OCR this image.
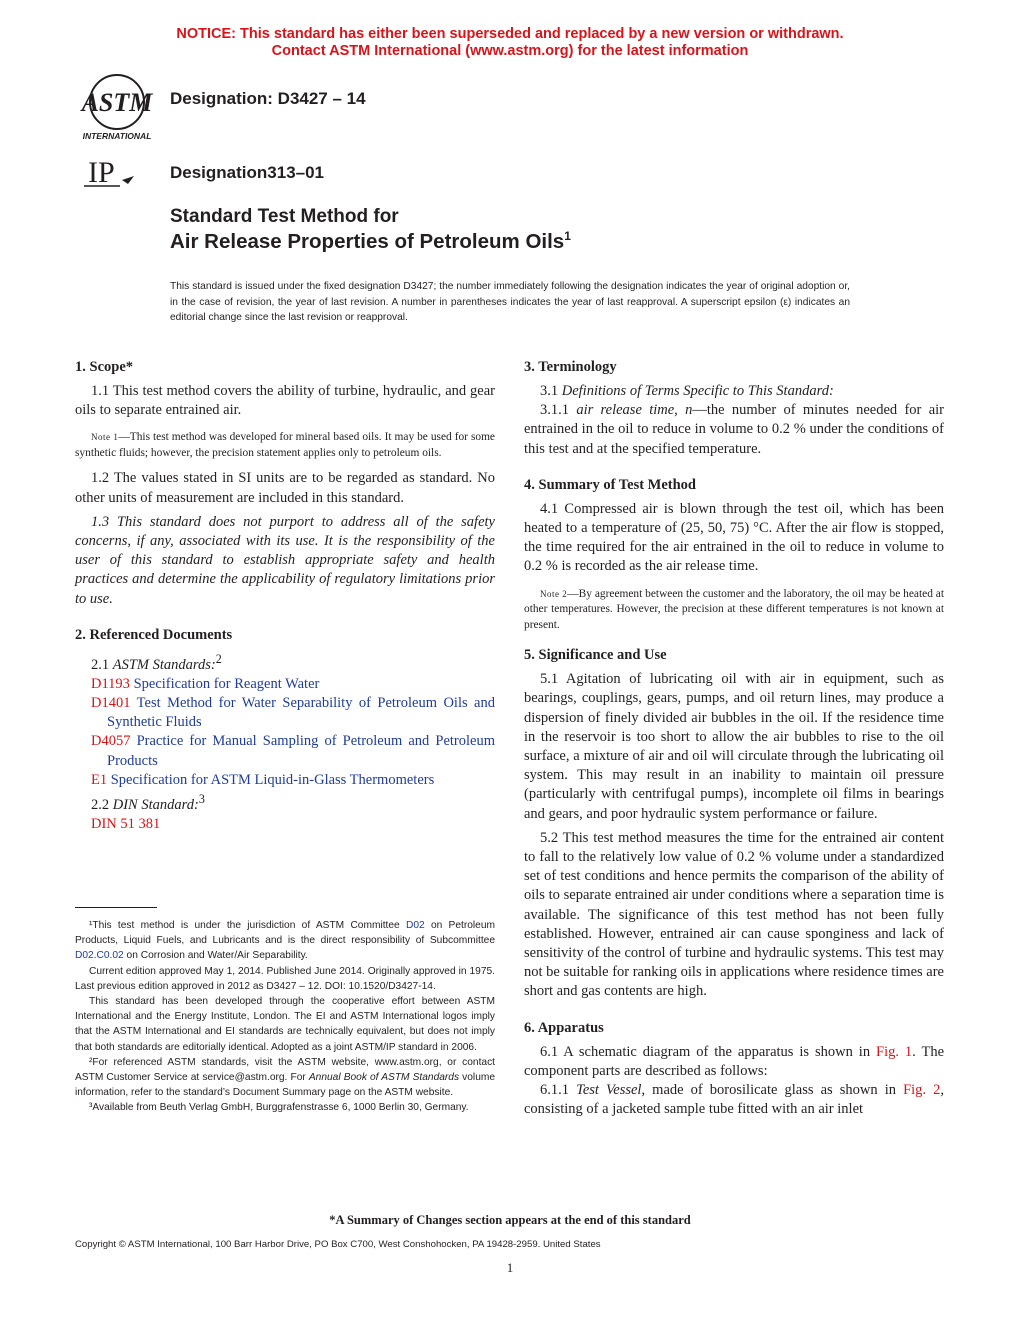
NOTICE: This standard has either been superseded and replaced by a new version or withdrawn.
Contact ASTM International (www.astm.org) for the latest information
ASTM
INTERNATIONAL
IP
Designation: D3427 – 14
Designation313–01
Standard Test Method for
Air Release Properties of Petroleum Oils$^1$
This standard is issued under the fixed designation D3427; the number immediately following the designation indicates the year of original adoption or, in the case of revision, the year of last revision. A number in parentheses indicates the year of last reapproval. A superscript epsilon (ε) indicates an editorial change since the last revision or reapproval.
1. Scope*

1.1 This test method covers the ability of turbine, hydraulic, and gear oils to separate entrained air.

Note 1—This test method was developed for mineral based oils. It may be used for some synthetic fluids; however, the precision statement applies only to petroleum oils.

1.2 The values stated in SI units are to be regarded as standard. No other units of measurement are included in this standard.

1.3 This standard does not purport to address all of the safety concerns, if any, associated with its use. It is the responsibility of the user of this standard to establish appropriate safety and health practices and determine the applicability of regulatory limitations prior to use.

2. Referenced Documents

2.1 ASTM Standards:$^2$

D1193 Specification for Reagent Water

D1401 Test Method for Water Separability of Petroleum Oils and Synthetic Fluids

D4057 Practice for Manual Sampling of Petroleum and Petroleum Products

E1 Specification for ASTM Liquid-in-Glass Thermometers

2.2 DIN Standard:$^3$

DIN 51 381

¹This test method is under the jurisdiction of ASTM Committee D02 on Petroleum Products, Liquid Fuels, and Lubricants and is the direct responsibility of Subcommittee D02.C0.02 on Corrosion and Water/Air Separability.

Current edition approved May 1, 2014. Published June 2014. Originally approved in 1975. Last previous edition approved in 2012 as D3427 – 12. DOI: 10.1520/D3427-14.

This standard has been developed through the cooperative effort between ASTM International and the Energy Institute, London. The EI and ASTM International logos imply that the ASTM International and EI standards are technically equivalent, but does not imply that both standards are editorially identical. Adopted as a joint ASTM/IP standard in 2006.

²For referenced ASTM standards, visit the ASTM website, www.astm.org, or contact ASTM Customer Service at service@astm.org. For Annual Book of ASTM Standards volume information, refer to the standard’s Document Summary page on the ASTM website.

³Available from Beuth Verlag GmbH, Burggrafenstrasse 6, 1000 Berlin 30, Germany.

3. Terminology

3.1 Definitions of Terms Specific to This Standard:

3.1.1 air release time, n—the number of minutes needed for air entrained in the oil to reduce in volume to 0.2 % under the conditions of this test and at the specified temperature.

4. Summary of Test Method

4.1 Compressed air is blown through the test oil, which has been heated to a temperature of (25, 50, 75) °C. After the air flow is stopped, the time required for the air entrained in the oil to reduce in volume to 0.2 % is recorded as the air release time.

Note 2—By agreement between the customer and the laboratory, the oil may be heated at other temperatures. However, the precision at these different temperatures is not known at present.
5. Significance and Use

5.1 Agitation of lubricating oil with air in equipment, such as bearings, couplings, gears, pumps, and oil return lines, may produce a dispersion of finely divided air bubbles in the oil. If the residence time in the reservoir is too short to allow the air bubbles to rise to the oil surface, a mixture of air and oil will circulate through the lubricating oil system. This may result in an inability to maintain oil pressure (particularly with centrifugal pumps), incomplete oil films in bearings and gears, and poor hydraulic system performance or failure.

5.2 This test method measures the time for the entrained air content to fall to the relatively low value of 0.2 % volume under a standardized set of test conditions and hence permits the comparison of the ability of oils to separate entrained air under conditions where a separation time is available. The significance of this test method has not been fully established. However, entrained air can cause sponginess and lack of sensitivity of the control of turbine and hydraulic systems. This test may not be suitable for ranking oils in applications where residence times are short and gas contents are high.

6. Apparatus

6.1 A schematic diagram of the apparatus is shown in Fig. 1. The component parts are described as follows:

6.1.1 Test Vessel, made of borosilicate glass as shown in Fig. 2, consisting of a jacketed sample tube fitted with an air inlet

*A Summary of Changes section appears at the end of this standard
Copyright © ASTM International, 100 Barr Harbor Drive, PO Box C700, West Conshohocken, PA 19428-2959. United States
1
